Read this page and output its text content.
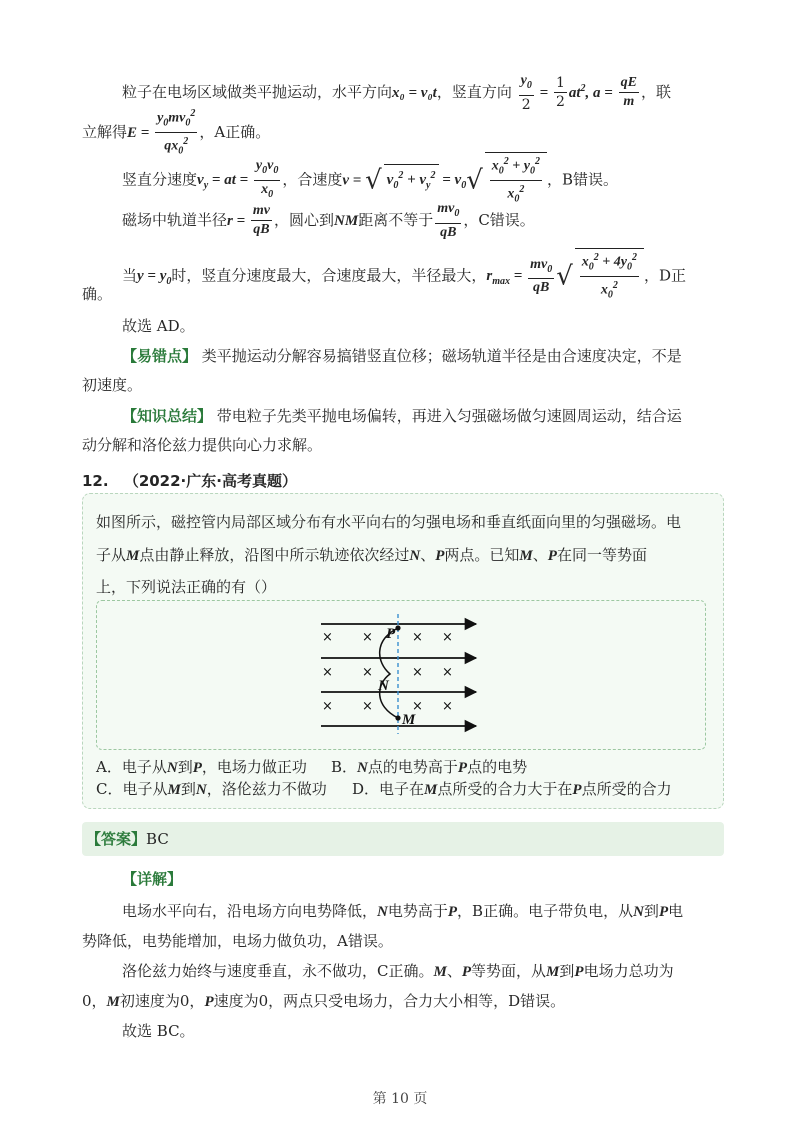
粒子在电场区域做类平抛运动，水平方向x₀ = v₀t，竖直方向 $\frac{y_0}{2} = \frac{1}{2} at^2$, $a = \frac{qE}{m}$ ，联
立解得$E = \frac{y_0mv_0^2}{qx_0^2}$ ，A正确。
竖直分速度$v_y$ = at = $\frac{y_0v_0}{x_0}$ ，合速度v = √ $v_0^2 + v_y^2 = v_0√ \frac{x_0^2 + y_0^2}{x_0^2}$ ，B错误。
磁场中轨道半径$r = \frac{mv}{qB}$ ，圆心到NM距离不等于 $\frac{mv_0}{qB}$ ，C错误。
当$y = y_0$时，竖直分速度最大，合速度最大，半径最大，$r_{max} = \frac{mv_0}{qB}$ √ $\frac{x_0^2 + 4y_0^2}{x_0^2}$ ，D正
确。
故选 AD。
【易错点】 类平抛运动分解容易搞错竖直位移；磁场轨道半径是由合速度决定，不是
初速度。
【知识总结】 带电粒子先类平抛电场偏转，再进入匀强磁场做匀速圆周运动，结合运
动分解和洛伦兹力提供向心力求解。
12. （2022·广东·高考真题）
如图所示，磁控管内局部区域分布有水平向右的匀强电场和垂直纸面向里的匀强磁场。电
子从M点由静止释放，沿图中所示轨迹依次经过N、P两点。已知M、P在同一等势面
上，下列说法正确的有（）
× ×	× ×
× ×	× ×
× ×	× ×
P
N
M
A．电子从N到P，电场力做正功 B．N点的电势高于P点的电势
C．电子从M到N，洛伦兹力不做功 D．电子在M点所受的合力大于在P点所受的合力
【答案】BC
【详解】
电场水平向右，沿电场方向电势降低，N电势高于P，B正确。电子带负电，从N到P电
势降低，电势能增加，电场力做负功，A错误。
洛伦兹力始终与速度垂直，永不做功，C正确。M、P等势面，从M到P电场力总功为
0，M初速度为0，P速度为0，两点只受电场力，合力大小相等，D错误。
故选 BC。
第 10 页
